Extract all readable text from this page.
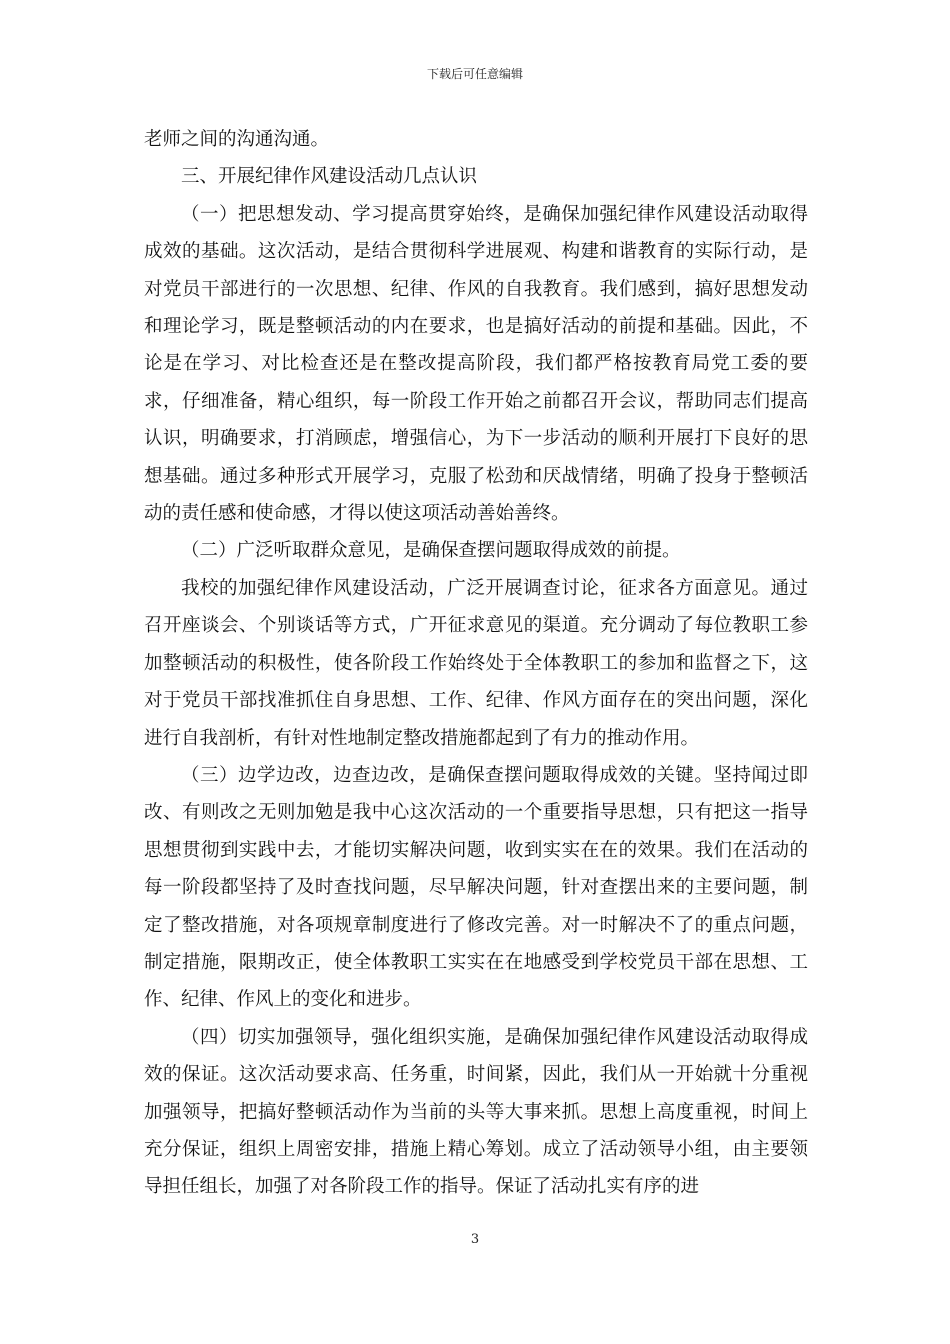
下载后可任意编辑

老师之间的沟通沟通。

三、开展纪律作风建设活动几点认识

（一）把思想发动、学习提高贯穿始终，是确保加强纪律作风建设活动取得成效的基础。这次活动，是结合贯彻科学进展观、构建和谐教育的实际行动，是对党员干部进行的一次思想、纪律、作风的自我教育。我们感到，搞好思想发动和理论学习，既是整顿活动的内在要求，也是搞好活动的前提和基础。因此，不论是在学习、对比检查还是在整改提高阶段，我们都严格按教育局党工委的要求，仔细准备，精心组织，每一阶段工作开始之前都召开会议，帮助同志们提高认识，明确要求，打消顾虑，增强信心，为下一步活动的顺利开展打下良好的思想基础。通过多种形式开展学习，克服了松劲和厌战情绪，明确了投身于整顿活动的责任感和使命感，才得以使这项活动善始善终。

（二）广泛听取群众意见，是确保查摆问题取得成效的前提。

我校的加强纪律作风建设活动，广泛开展调查讨论，征求各方面意见。通过召开座谈会、个别谈话等方式，广开征求意见的渠道。充分调动了每位教职工参加整顿活动的积极性，使各阶段工作始终处于全体教职工的参加和监督之下，这对于党员干部找准抓住自身思想、工作、纪律、作风方面存在的突出问题，深化进行自我剖析，有针对性地制定整改措施都起到了有力的推动作用。

（三）边学边改，边查边改，是确保查摆问题取得成效的关键。坚持闻过即改、有则改之无则加勉是我中心这次活动的一个重要指导思想，只有把这一指导思想贯彻到实践中去，才能切实解决问题，收到实实在在的效果。我们在活动的每一阶段都坚持了及时查找问题，尽早解决问题，针对查摆出来的主要问题，制定了整改措施，对各项规章制度进行了修改完善。对一时解决不了的重点问题，制定措施，限期改正，使全体教职工实实在在地感受到学校党员干部在思想、工作、纪律、作风上的变化和进步。

（四）切实加强领导，强化组织实施，是确保加强纪律作风建设活动取得成效的保证。这次活动要求高、任务重，时间紧，因此，我们从一开始就十分重视加强领导，把搞好整顿活动作为当前的头等大事来抓。思想上高度重视，时间上充分保证，组织上周密安排，措施上精心筹划。成立了活动领导小组，由主要领导担任组长，加强了对各阶段工作的指导。保证了活动扎实有序的进

3
